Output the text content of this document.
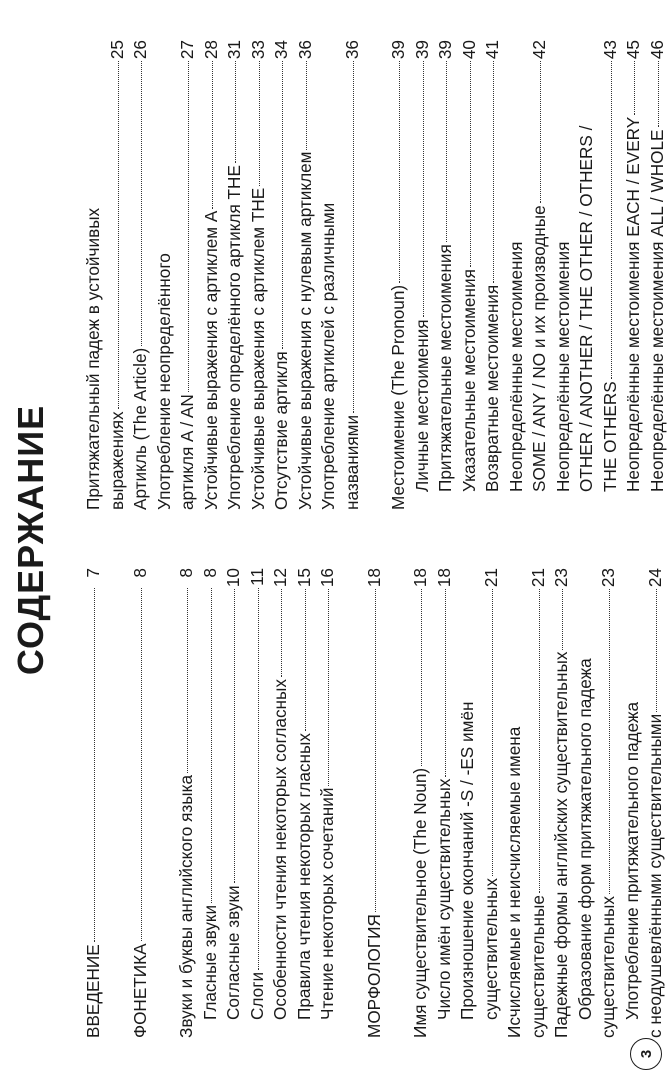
СОДЕРЖАНИЕ
ВВЕДЕНИЕ
7
ФОНЕТИКА
8
Звуки и буквы английского языка
8
Гласные звуки
8
Согласные звуки
10
Слоги
11
Особенности чтения некоторых согласных
12
Правила чтения некоторых гласных
15
Чтение некоторых сочетаний
16
МОРФОЛОГИЯ
18
Имя существительное (The Noun)
18
Число имён существительных
18
Произношение окончаний -S / -ES имён существительных
21
Исчисляемые и неисчисляемые имена существительные
21
Падежные формы английских существительных
23
Образование форм притяжательного падежа существительных
23
Употребление притяжательного падежа с неодушевлёнными существительными
24
Притяжательный падеж в устойчивых выражениях
25
Артикль (The Article)
26
Употребление неопределённого артикля A / AN
27
Устойчивые выражения с артиклем A
28
Употребление определённого артикля THE
31
Устойчивые выражения с артиклем THE
33
Отсутствие артикля
34
Устойчивые выражения с нулевым артиклем
36
Употребление артиклей с различными названиями
36
Местоимение (The Pronoun)
39
Личные местоимения
39
Притяжательные местоимения
39
Указательные местоимения
40
Возвратные местоимения
41
Неопределённые местоимения SOME / ANY / NO и их производные
42
Неопределённые местоимения OTHER / ANOTHER / THE OTHER / OTHERS / THE OTHERS
43
Неопределённые местоимения EACH / EVERY
45
Неопределённые местоимения ALL / WHOLE
46
3
